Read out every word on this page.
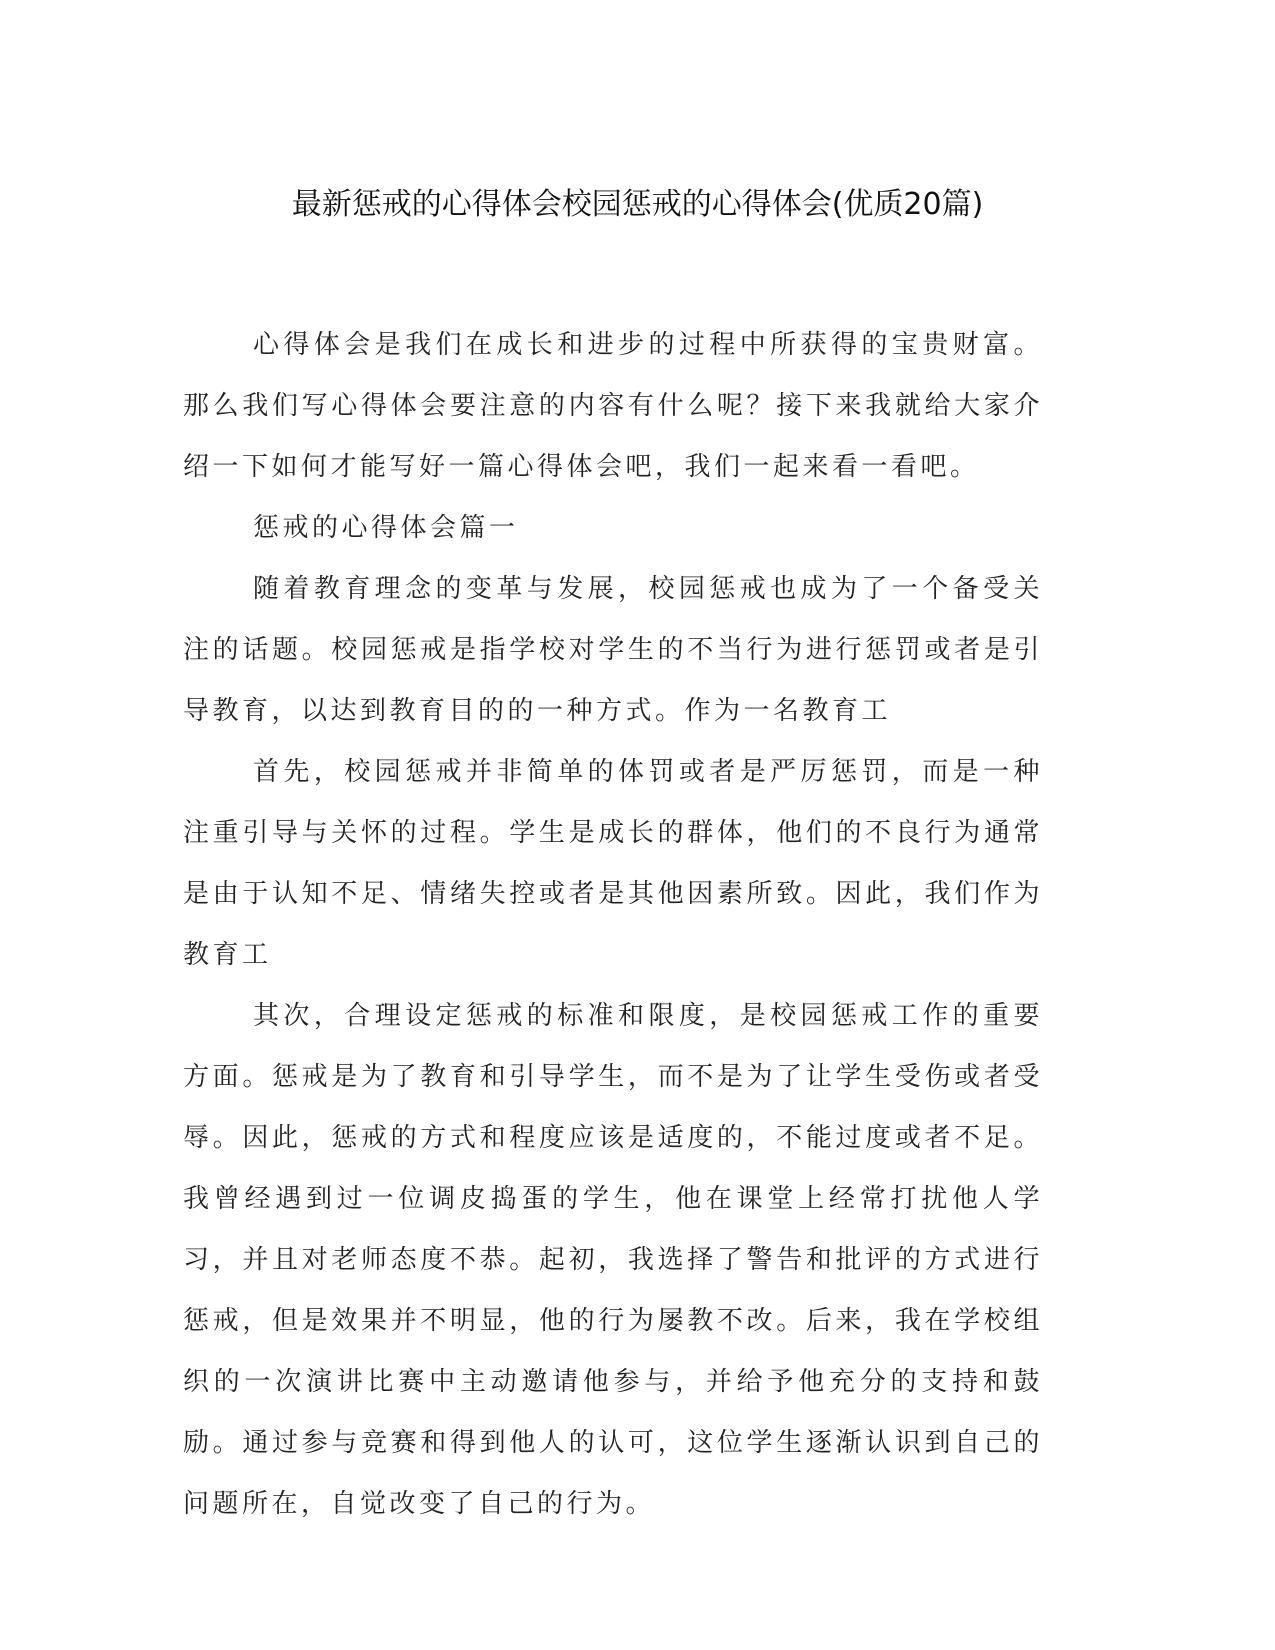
最新惩戒的心得体会校园惩戒的心得体会(优质20篇)

心得体会是我们在成长和进步的过程中所获得的宝贵财富。那么我们写心得体会要注意的内容有什么呢？接下来我就给大家介绍一下如何才能写好一篇心得体会吧，我们一起来看一看吧。

惩戒的心得体会篇一

随着教育理念的变革与发展，校园惩戒也成为了一个备受关注的话题。校园惩戒是指学校对学生的不当行为进行惩罚或者是引导教育，以达到教育目的的一种方式。作为一名教育工

首先，校园惩戒并非简单的体罚或者是严厉惩罚，而是一种注重引导与关怀的过程。学生是成长的群体，他们的不良行为通常是由于认知不足、情绪失控或者是其他因素所致。因此，我们作为教育工

其次，合理设定惩戒的标准和限度，是校园惩戒工作的重要方面。惩戒是为了教育和引导学生，而不是为了让学生受伤或者受辱。因此，惩戒的方式和程度应该是适度的，不能过度或者不足。我曾经遇到过一位调皮捣蛋的学生，他在课堂上经常打扰他人学习，并且对老师态度不恭。起初，我选择了警告和批评的方式进行惩戒，但是效果并不明显，他的行为屡教不改。后来，我在学校组织的一次演讲比赛中主动邀请他参与，并给予他充分的支持和鼓励。通过参与竞赛和得到他人的认可，这位学生逐渐认识到自己的问题所在，自觉改变了自己的行为。
